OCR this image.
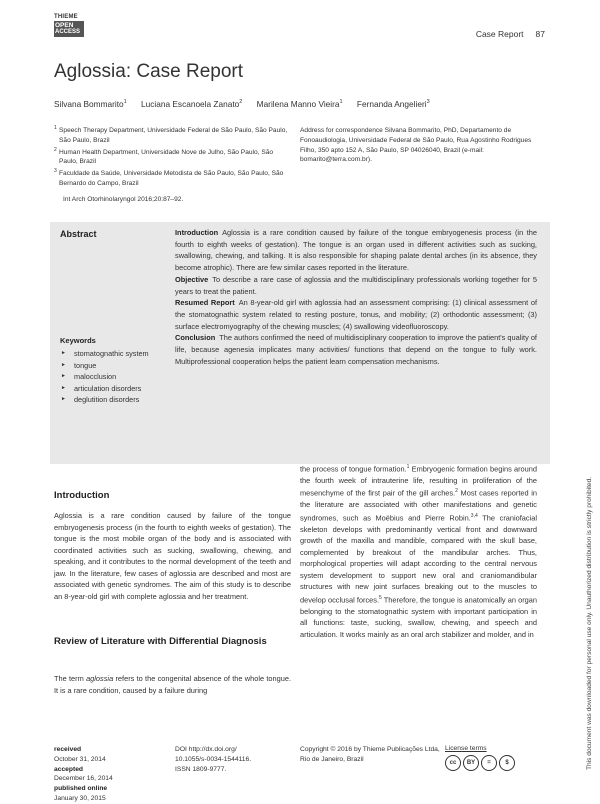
THIEME
OPEN
ACCESS	Case Report 87
Aglossia: Case Report
Silvana Bommarito$^1$ Luciana Escanoela Zanato$^2$ Marilena Manno Vieira$^1$ Fernanda Angelieri$^3$
1 Speech Therapy Department, Universidade Federal de São Paulo, São Paulo, São Paulo, Brazil
2 Human Health Department, Universidade Nove de Julho, São Paulo, São Paulo, Brazil
3 Faculdade da Saúde, Universidade Metodista de São Paulo, São Paulo, São Bernardo do Campo, Brazil
Address for correspondence Silvana Bommarito, PhD, Departamento de Fonoaudiologia, Universidade Federal de São Paulo, Rua Agostinho Rodrigues Filho, 350 apto 152 A, São Paulo, SP 04026040, Brazil (e-mail: bomarito@terra.com.br).
Int Arch Otorhinolaryngol 2016;20:87–92.
Abstract
Keywords
► stomatognathic system
► tongue
► malocclusion
► articulation disorders
► deglutition disorders

Introduction Aglossia is a rare condition caused by failure of the tongue embryogenesis process (in the fourth to eighth weeks of gestation). The tongue is an organ used in different activities such as sucking, swallowing, chewing, and talking. It is also responsible for shaping palate dental arches (in its absence, they become atrophic). There are few similar cases reported in the literature.

Objective To describe a rare case of aglossia and the multidisciplinary professionals working together for 5 years to treat the patient.

Resumed Report An 8-year-old girl with aglossia had an assessment comprising: (1) clinical assessment of the stomatognathic system related to resting posture, tonus, and mobility; (2) orthodontic assessment; (3) surface electromyography of the chewing muscles; (4) swallowing videofluoroscopy.

Conclusion The authors confirmed the need of multidisciplinary cooperation to improve the patient's quality of life, because agenesia implicates many activities/ functions that depend on the tongue to fully work. Multiprofessional cooperation helps the patient learn compensation mechanisms.

Introduction

Aglossia is a rare condition caused by failure of the tongue embryogenesis process (in the fourth to eighth weeks of gestation). The tongue is the most mobile organ of the body and is associated with coordinated activities such as sucking, swallowing, chewing, and speaking, and it contributes to the normal development of the teeth and jaw. In the literature, few cases of aglossia are described and most are associated with genetic syndromes. The aim of this study is to describe an 8-year-old girl with complete aglossia and her treatment.

Review of Literature with Differential Diagnosis

The term aglossia refers to the congenital absence of the whole tongue. It is a rare condition, caused by a failure during

the process of tongue formation.$^1$ Embryogenic formation begins around the fourth week of intrauterine life, resulting in proliferation of the mesenchyme of the first pair of the gill arches.$^2$ Most cases reported in the literature are associated with other manifestations and genetic syndromes, such as Moëbius and Pierre Robin.$^{3,4}$ The craniofacial skeleton develops with predominantly vertical front and downward growth of the maxilla and mandible, compared with the skull base, complemented by breakout of the mandibular arches. Thus, morphological properties will adapt according to the central nervous system development to support new oral and craniomandibular structures with new joint surfaces breaking out to the muscles to develop occlusal forces.$^5$ Therefore, the tongue is anatomically an organ belonging to the stomatognathic system with important participation in all functions: taste, sucking, swallow, chewing, and speech and articulation. It works mainly as an oral arch stabilizer and molder, and in

received
October 31, 2014
accepted
December 16, 2014
published online
January 30, 2015
DOI http://dx.doi.org/
10.1055/s-0034-1544116.
ISSN 1809-9777.
Copyright © 2016 by Thieme Publicações Ltda, Rio de Janeiro, Brazil
License terms
cc	BY	=	$	This document was downloaded for personal use only. Unauthorized distribution is strictly prohibited.
